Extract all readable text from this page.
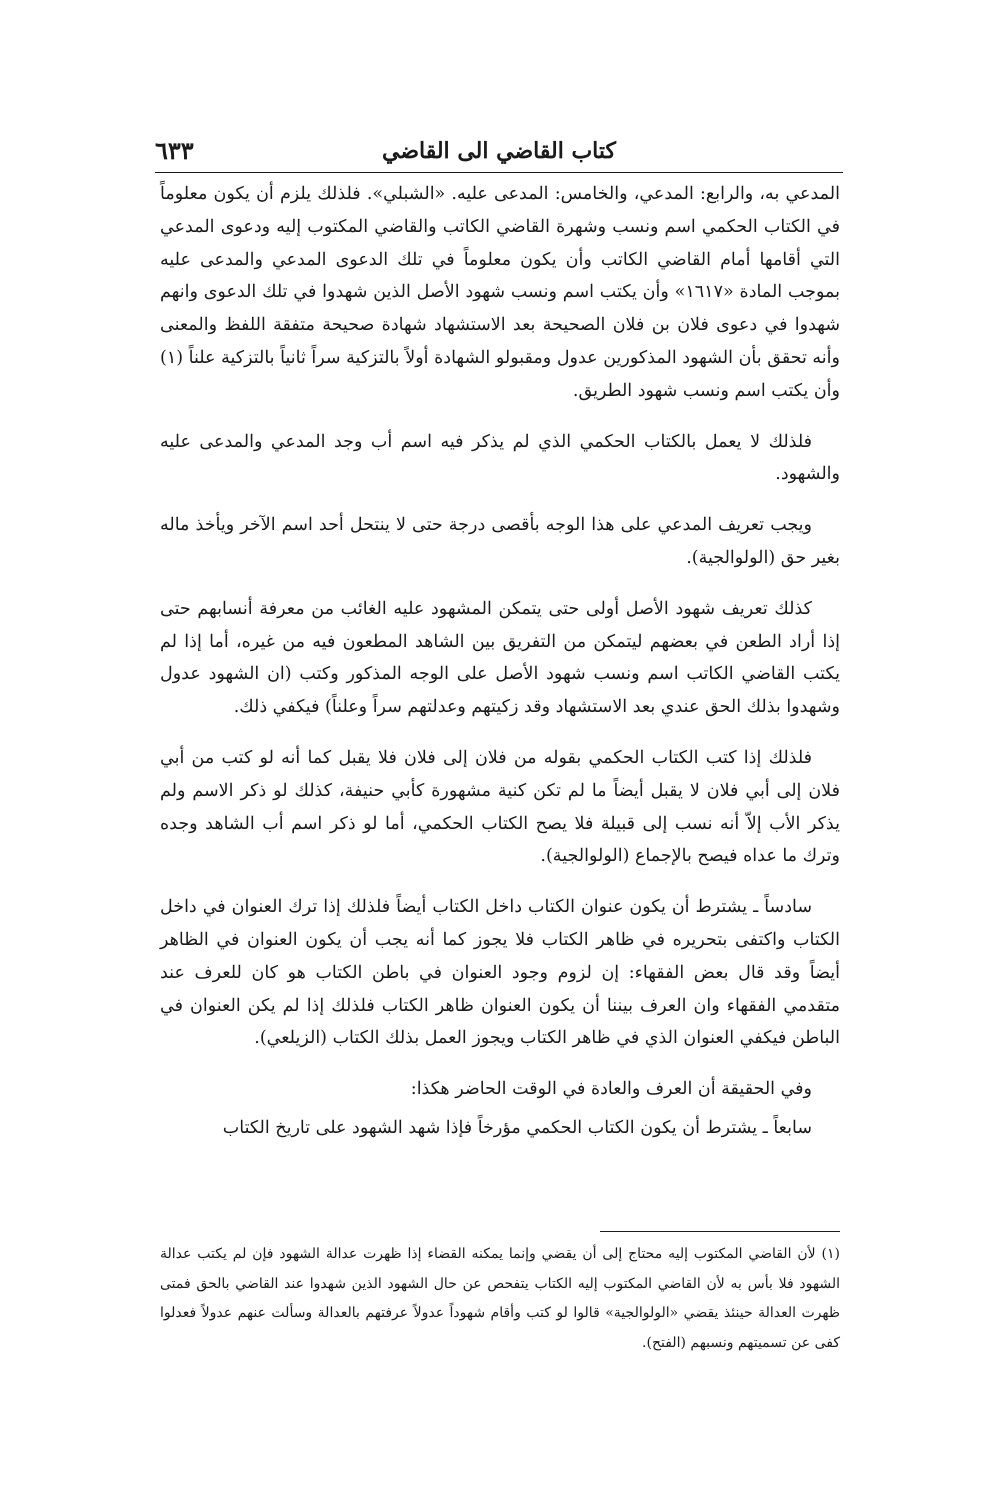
كتاب القاضي الى القاضي
٦٣٣

المدعي به، والرابع: المدعي، والخامس: المدعى عليه. «الشبلي». فلذلك يلزم أن يكون معلوماً في الكتاب الحكمي اسم ونسب وشهرة القاضي الكاتب والقاضي المكتوب إليه ودعوى المدعي التي أقامها أمام القاضي الكاتب وأن يكون معلوماً في تلك الدعوى المدعي والمدعى عليه بموجب المادة «١٦١٧» وأن يكتب اسم ونسب شهود الأصل الذين شهدوا في تلك الدعوى وانهم شهدوا في دعوى فلان بن فلان الصحيحة بعد الاستشهاد شهادة صحيحة متفقة اللفظ والمعنى وأنه تحقق بأن الشهود المذكورين عدول ومقبولو الشهادة أولاً بالتزكية سراً ثانياً بالتزكية علناً (١) وأن يكتب اسم ونسب شهود الطريق.

فلذلك لا يعمل بالكتاب الحكمي الذي لم يذكر فيه اسم أب وجد المدعي والمدعى عليه والشهود.

ويجب تعريف المدعي على هذا الوجه بأقصى درجة حتى لا ينتحل أحد اسم الآخر ويأخذ ماله بغير حق (الولوالجية).

كذلك تعريف شهود الأصل أولى حتى يتمكن المشهود عليه الغائب من معرفة أنسابهم حتى إذا أراد الطعن في بعضهم ليتمكن من التفريق بين الشاهد المطعون فيه من غيره، أما إذا لم يكتب القاضي الكاتب اسم ونسب شهود الأصل على الوجه المذكور وكتب (ان الشهود عدول وشهدوا بذلك الحق عندي بعد الاستشهاد وقد زكيتهم وعدلتهم سراً وعلناً) فيكفي ذلك.

فلذلك إذا كتب الكتاب الحكمي بقوله من فلان إلى فلان فلا يقبل كما أنه لو كتب من أبي فلان إلى أبي فلان لا يقبل أيضاً ما لم تكن كنية مشهورة كأبي حنيفة، كذلك لو ذكر الاسم ولم يذكر الأب إلاّ أنه نسب إلى قبيلة فلا يصح الكتاب الحكمي، أما لو ذكر اسم أب الشاهد وجده وترك ما عداه فيصح بالإجماع (الولوالجية).

سادساً ـ يشترط أن يكون عنوان الكتاب داخل الكتاب أيضاً فلذلك إذا ترك العنوان في داخل الكتاب واكتفى بتحريره في ظاهر الكتاب فلا يجوز كما أنه يجب أن يكون العنوان في الظاهر أيضاً وقد قال بعض الفقهاء: إن لزوم وجود العنوان في باطن الكتاب هو كان للعرف عند متقدمي الفقهاء وان العرف بيننا أن يكون العنوان ظاهر الكتاب فلذلك إذا لم يكن العنوان في الباطن فيكفي العنوان الذي في ظاهر الكتاب ويجوز العمل بذلك الكتاب (الزيلعي).

وفي الحقيقة أن العرف والعادة في الوقت الحاضر هكذا:

سابعاً ـ يشترط أن يكون الكتاب الحكمي مؤرخاً فإذا شهد الشهود على تاريخ الكتاب

(١) لأن القاضي المكتوب إليه محتاج إلى أن يقضي وإنما يمكنه القضاء إذا ظهرت عدالة الشهود فإن لم يكتب عدالة الشهود فلا بأس به لأن القاضي المكتوب إليه الكتاب يتفحص عن حال الشهود الذين شهدوا عند القاضي بالحق فمتى ظهرت العدالة حينئذ يقضي «الولوالجية» قالوا لو كتب وأقام شهوداً عدولاً عرفتهم بالعدالة وسألت عنهم عدولاً فعدلوا كفى عن تسميتهم ونسبهم (الفتح).
